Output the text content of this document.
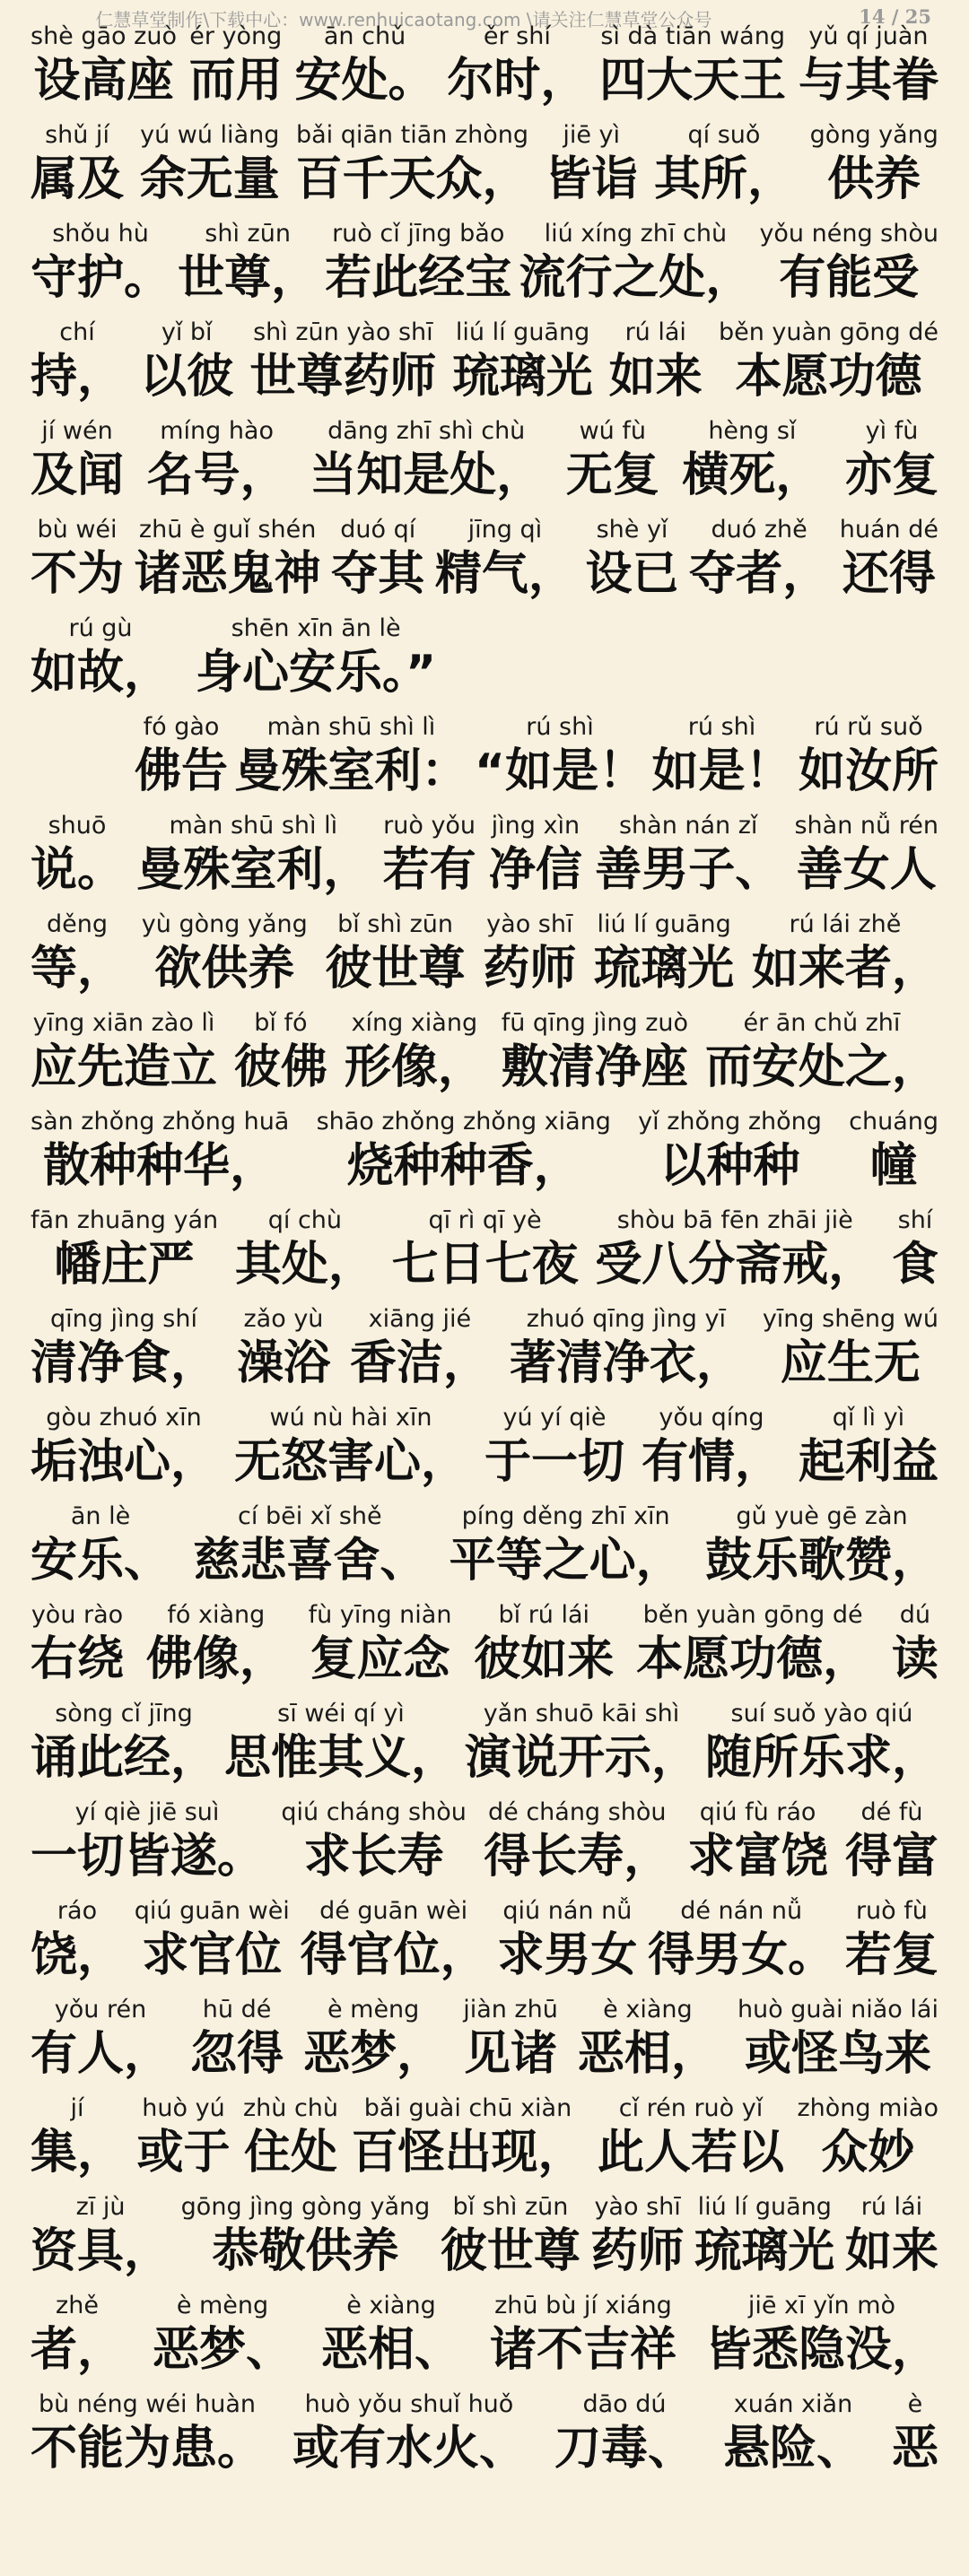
仁慧草堂制作\下载中心：www.renhuicaotang.com \请关注仁慧草堂公众号	14 / 25
shè gāo zuò
设高座
ér yòng
而用
ān chǔ
安处。
ěr shí
尔时，
sì dà tiān wáng
四大天王
yǔ qí juàn
与其眷
shǔ jí
属及
yú wú liàng
余无量
bǎi qiān tiān zhòng
百千天众，
jiē yì
皆诣
qí suǒ
其所，
gòng yǎng
供养
shǒu hù
守护。
shì zūn
世尊，
ruò cǐ jīng bǎo
若此经宝
liú xíng zhī chù
流行之处，
yǒu néng shòu
有能受
chí
持，
yǐ bǐ
以彼
shì zūn yào shī
世尊药师
liú lí guāng
琉璃光
rú lái
如来
běn yuàn gōng dé
本愿功德
jí wén
及闻
míng hào
名号，
dāng zhī shì chù
当知是处，
wú fù
无复
hèng sǐ
横死，
yì fù
亦复
bù wéi
不为
zhū è guǐ shén
诸恶鬼神
duó qí
夺其
jīng qì
精气，
shè yǐ
设已
duó zhě
夺者，
huán dé
还得
rú gù
如故，
shēn xīn ān lè
身心安乐。”
fó gào
佛告
màn shū shì lì
曼殊室利：
rú shì
“如是！
rú shì
如是！
rú rǔ suǒ
如汝所
shuō
说。
màn shū shì lì
曼殊室利，
ruò yǒu
若有
jìng xìn
净信
shàn nán zǐ
善男子、
shàn nǚ rén
善女人
děng
等，
yù gòng yǎng
欲供养
bǐ shì zūn
彼世尊
yào shī
药师
liú lí guāng
琉璃光
rú lái zhě
如来者，
yīng xiān zào lì
应先造立
bǐ fó
彼佛
xíng xiàng
形像，
fū qīng jìng zuò
敷清净座
ér ān chǔ zhī
而安处之，
sàn zhǒng zhǒng huā
散种种华，
shāo zhǒng zhǒng xiāng
烧种种香，
yǐ zhǒng zhǒng
以种种
chuáng
幢
fān zhuāng yán
幡庄严
qí chù
其处，
qī rì qī yè
七日七夜
shòu bā fēn zhāi jiè
受八分斋戒，
shí
食
qīng jìng shí
清净食，
zǎo yù
澡浴
xiāng jié
香洁，
zhuó qīng jìng yī
著清净衣，
yīng shēng wú
应生无
gòu zhuó xīn
垢浊心，
wú nù hài xīn
无怒害心，
yú yí qiè
于一切
yǒu qíng
有情，
qǐ lì yì
起利益
ān lè
安乐、
cí bēi xǐ shě
慈悲喜舍、
píng děng zhī xīn
平等之心，
gǔ yuè gē zàn
鼓乐歌赞，
yòu rào
右绕
fó xiàng
佛像，
fù yīng niàn
复应念
bǐ rú lái
彼如来
běn yuàn gōng dé
本愿功德，
dú
读
sòng cǐ jīng
诵此经，
sī wéi qí yì
思惟其义，
yǎn shuō kāi shì
演说开示，
suí suǒ yào qiú
随所乐求，
yí qiè jiē suì
一切皆遂。
qiú cháng shòu
求长寿
dé cháng shòu
得长寿，
qiú fù ráo
求富饶
dé fù
得富
ráo
饶，
qiú guān wèi
求官位
dé guān wèi
得官位，
qiú nán nǚ
求男女
dé nán nǚ
得男女。
ruò fù
若复
yǒu rén
有人，
hū dé
忽得
è mèng
恶梦，
jiàn zhū
见诸
è xiàng
恶相，
huò guài niǎo lái
或怪鸟来
jí
集，
huò yú
或于
zhù chù
住处
bǎi guài chū xiàn
百怪出现，
cǐ rén ruò yǐ
此人若以
zhòng miào
众妙
zī jù
资具，
gōng jìng gòng yǎng
恭敬供养
bǐ shì zūn
彼世尊
yào shī
药师
liú lí guāng
琉璃光
rú lái
如来
zhě
者，
è mèng
恶梦、
è xiàng
恶相、
zhū bù jí xiáng
诸不吉祥
jiē xī yǐn mò
皆悉隐没，
bù néng wéi huàn
不能为患。
huò yǒu shuǐ huǒ
或有水火、
dāo dú
刀毒、
xuán xiǎn
悬险、
è
恶
